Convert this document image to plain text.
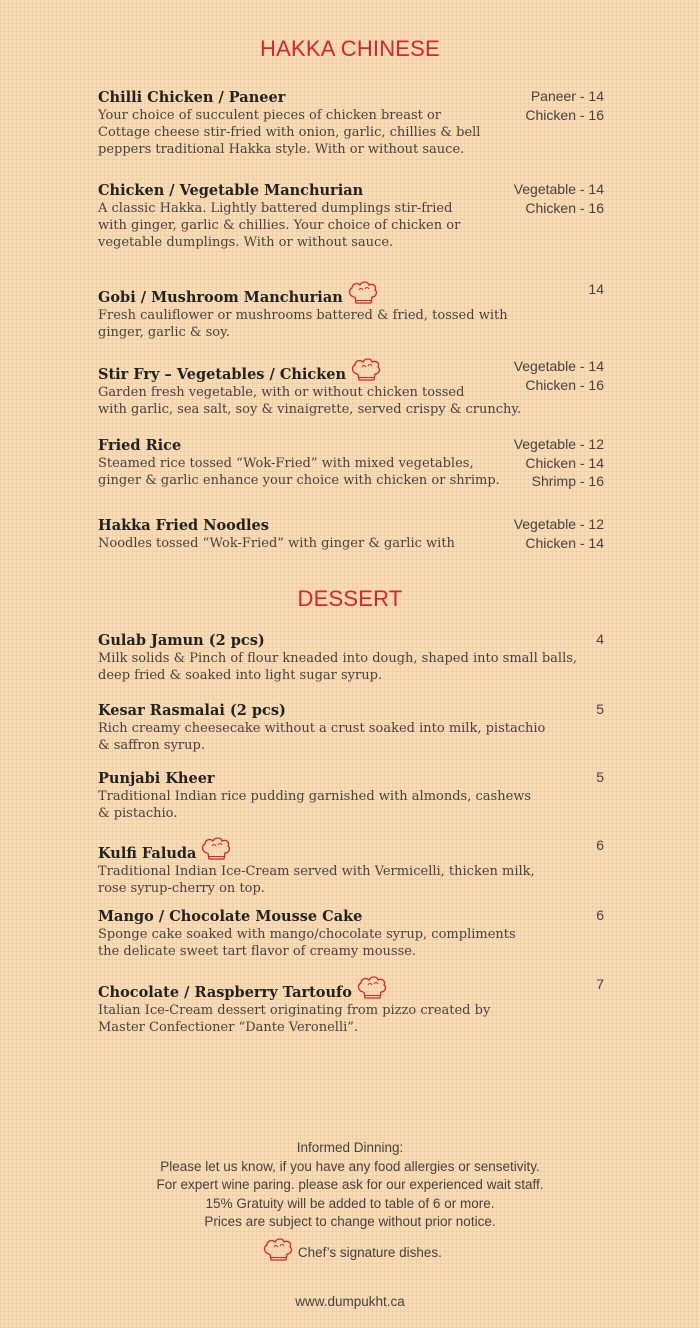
HAKKA CHINESE
Chilli Chicken / Paneer

Your choice of succulent pieces of chicken breast or

Cottage cheese stir-fried with onion, garlic, chillies & bell

peppers traditional Hakka style. With or without sauce.

Paneer - 14
Chicken - 16
Chicken / Vegetable Manchurian

A classic Hakka. Lightly battered dumplings stir-fried

with ginger, garlic & chillies. Your choice of chicken or

vegetable dumplings. With or without sauce.

Vegetable - 14
Chicken - 16
Gobi / Mushroom Manchurian

Fresh cauliflower or mushrooms battered & fried, tossed with

ginger, garlic & soy.

14
Stir Fry – Vegetables / Chicken

Garden fresh vegetable, with or without chicken tossed

with garlic, sea salt, soy & vinaigrette, served crispy & crunchy.

Vegetable - 14
Chicken - 16
Fried Rice

Steamed rice tossed “Wok-Fried” with mixed vegetables,

ginger & garlic enhance your choice with chicken or shrimp.

Vegetable - 12
Chicken - 14
Shrimp - 16
Hakka Fried Noodles

Noodles tossed “Wok-Fried” with ginger & garlic with

Vegetable - 12
Chicken - 14
DESSERT
Gulab Jamun (2 pcs)

Milk solids & Pinch of flour kneaded into dough, shaped into small balls,

deep fried & soaked into light sugar syrup.

4
Kesar Rasmalai (2 pcs)

Rich creamy cheesecake without a crust soaked into milk, pistachio

& saffron syrup.

5
Punjabi Kheer

Traditional Indian rice pudding garnished with almonds, cashews

& pistachio.

5
Kulfi Faluda

Traditional Indian Ice-Cream served with Vermicelli, thicken milk,

rose syrup-cherry on top.

6
Mango / Chocolate Mousse Cake

Sponge cake soaked with mango/chocolate syrup, compliments

the delicate sweet tart flavor of creamy mousse.

6
Chocolate / Raspberry Tartoufo

Italian Ice-Cream dessert originating from pizzo created by

Master Confectioner “Dante Veronelli”.

7
Informed Dinning:
Please let us know, if you have any food allergies or sensetivity.
For expert wine paring. please ask for our experienced wait staff.
15% Gratuity will be added to table of 6 or more.
Prices are subject to change without prior notice.
Chef’s signature dishes.
www.dumpukht.ca
